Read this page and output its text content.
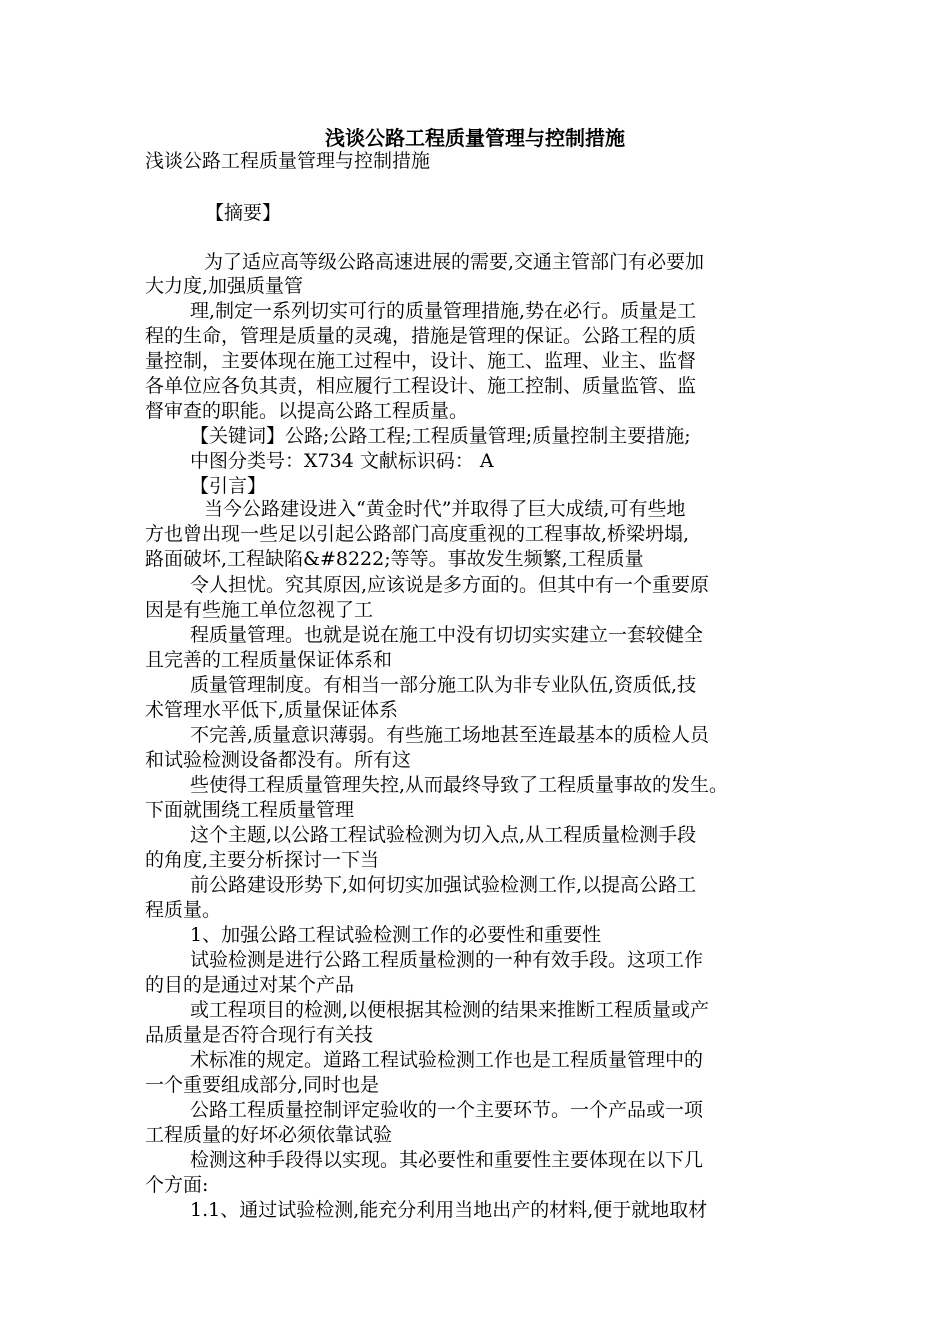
浅谈公路工程质量管理与控制措施
浅谈公路工程质量管理与控制措施
【摘要】
为了适应高等级公路高速进展的需要,交通主管部门有必要加
大力度,加强质量管
理,制定一系列切实可行的质量管理措施,势在必行。质量是工
程的生命，管理是质量的灵魂，措施是管理的保证。公路工程的质
量控制，主要体现在施工过程中，设计、施工、监理、业主、监督
各单位应各负其责，相应履行工程设计、施工控制、质量监管、监
督审查的职能。以提高公路工程质量。
【关键词】公路;公路工程;工程质量管理;质量控制主要措施;
中图分类号：X734 文献标识码： A
【引言】
当今公路建设进入“黄金时代”并取得了巨大成绩,可有些地
方也曾出现一些足以引起公路部门高度重视的工程事故,桥梁坍塌,
路面破坏,工程缺陷&#8222;等等。事故发生频繁,工程质量
令人担忧。究其原因,应该说是多方面的。但其中有一个重要原
因是有些施工单位忽视了工
程质量管理。也就是说在施工中没有切切实实建立一套较健全
且完善的工程质量保证体系和
质量管理制度。有相当一部分施工队为非专业队伍,资质低,技
术管理水平低下,质量保证体系
不完善,质量意识薄弱。有些施工场地甚至连最基本的质检人员
和试验检测设备都没有。所有这
些使得工程质量管理失控,从而最终导致了工程质量事故的发生。
下面就围绕工程质量管理
这个主题,以公路工程试验检测为切入点,从工程质量检测手段
的角度,主要分析探讨一下当
前公路建设形势下,如何切实加强试验检测工作,以提高公路工
程质量。
1、加强公路工程试验检测工作的必要性和重要性
试验检测是进行公路工程质量检测的一种有效手段。这项工作
的目的是通过对某个产品
或工程项目的检测,以便根据其检测的结果来推断工程质量或产
品质量是否符合现行有关技
术标准的规定。道路工程试验检测工作也是工程质量管理中的
一个重要组成部分,同时也是
公路工程质量控制评定验收的一个主要环节。一个产品或一项
工程质量的好坏必须依靠试验
检测这种手段得以实现。其必要性和重要性主要体现在以下几
个方面:
1.1、通过试验检测,能充分利用当地出产的材料,便于就地取材
